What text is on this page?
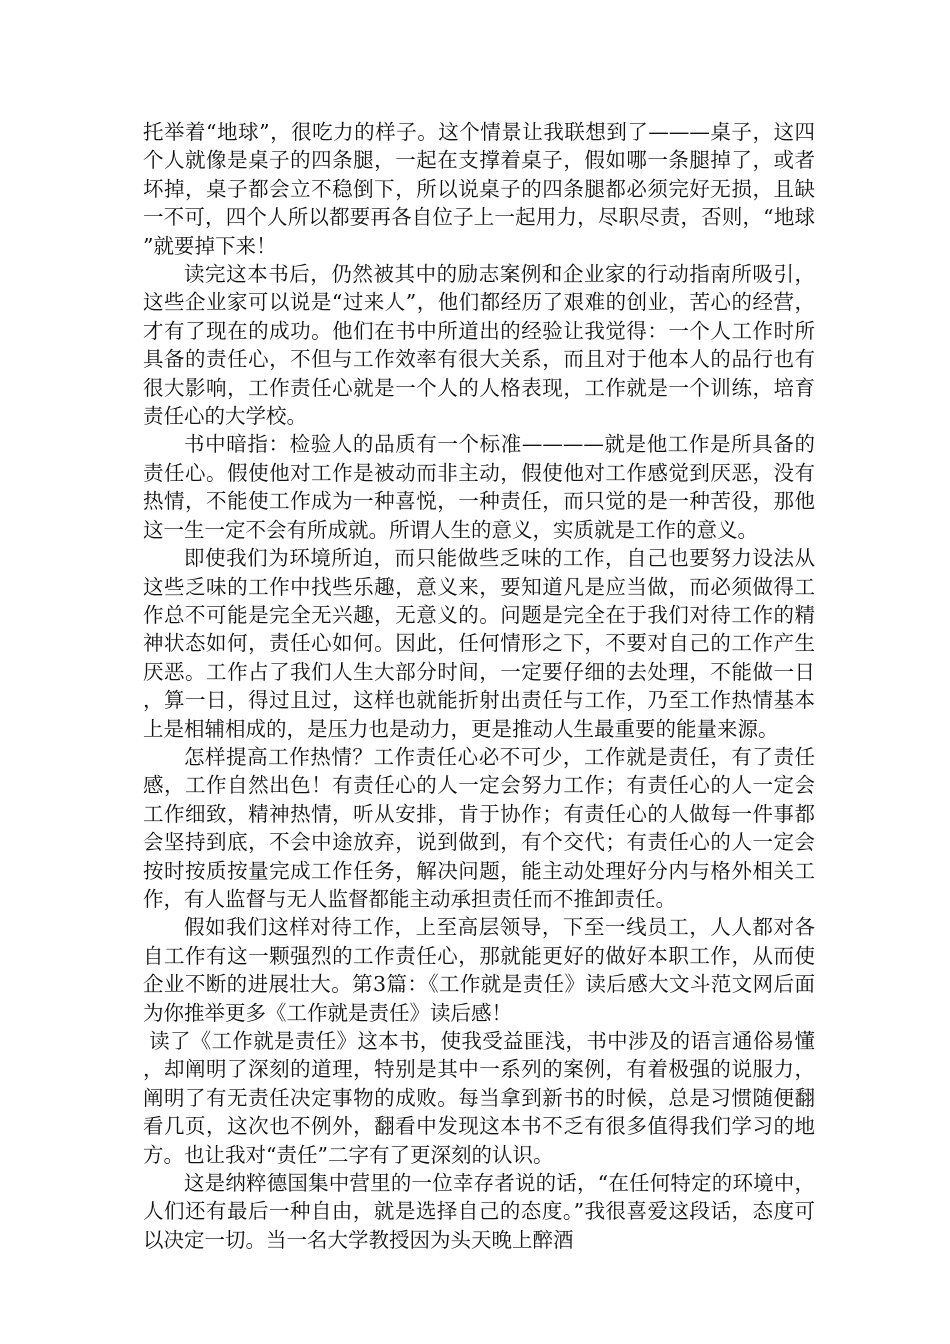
托举着“地球”，很吃力的样子。这个情景让我联想到了———桌子，这四个人就像是桌子的四条腿，一起在支撑着桌子，假如哪一条腿掉了，或者坏掉，桌子都会立不稳倒下，所以说桌子的四条腿都必须完好无损，且缺一不可，四个人所以都要再各自位子上一起用力，尽职尽责，否则，“地球”就要掉下来！

读完这本书后，仍然被其中的励志案例和企业家的行动指南所吸引，这些企业家可以说是“过来人”，他们都经历了艰难的创业，苦心的经营，才有了现在的成功。他们在书中所道出的经验让我觉得：一个人工作时所具备的责任心，不但与工作效率有很大关系，而且对于他本人的品行也有很大影响，工作责任心就是一个人的人格表现，工作就是一个训练，培育责任心的大学校。

书中暗指：检验人的品质有一个标准————就是他工作是所具备的责任心。假使他对工作是被动而非主动，假使他对工作感觉到厌恶，没有热情，不能使工作成为一种喜悦，一种责任，而只觉的是一种苦役，那他这一生一定不会有所成就。所谓人生的意义，实质就是工作的意义。

即使我们为环境所迫，而只能做些乏味的工作，自己也要努力设法从这些乏味的工作中找些乐趣，意义来，要知道凡是应当做，而必须做得工作总不可能是完全无兴趣，无意义的。问题是完全在于我们对待工作的精神状态如何，责任心如何。因此，任何情形之下，不要对自己的工作产生厌恶。工作占了我们人生大部分时间，一定要仔细的去处理，不能做一日，算一日，得过且过，这样也就能折射出责任与工作，乃至工作热情基本上是相辅相成的，是压力也是动力，更是推动人生最重要的能量来源。

怎样提高工作热情？工作责任心必不可少，工作就是责任，有了责任感，工作自然出色！有责任心的人一定会努力工作；有责任心的人一定会工作细致，精神热情，听从安排，肯于协作；有责任心的人做每一件事都会坚持到底，不会中途放弃，说到做到，有个交代；有责任心的人一定会按时按质按量完成工作任务，解决问题，能主动处理好分内与格外相关工作，有人监督与无人监督都能主动承担责任而不推卸责任。

假如我们这样对待工作，上至高层领导，下至一线员工，人人都对各自工作有这一颗强烈的工作责任心，那就能更好的做好本职工作，从而使企业不断的进展壮大。第3篇：《工作就是责任》读后感大文斗范文网后面为你推举更多《工作就是责任》读后感！

读了《工作就是责任》这本书，使我受益匪浅，书中涉及的语言通俗易懂，却阐明了深刻的道理，特别是其中一系列的案例，有着极强的说服力，阐明了有无责任决定事物的成败。每当拿到新书的时候，总是习惯随便翻看几页，这次也不例外，翻看中发现这本书不乏有很多值得我们学习的地方。也让我对“责任”二字有了更深刻的认识。

这是纳粹德国集中营里的一位幸存者说的话，“在任何特定的环境中，人们还有最后一种自由，就是选择自己的态度。”我很喜爱这段话，态度可以决定一切。当一名大学教授因为头天晚上醉酒
